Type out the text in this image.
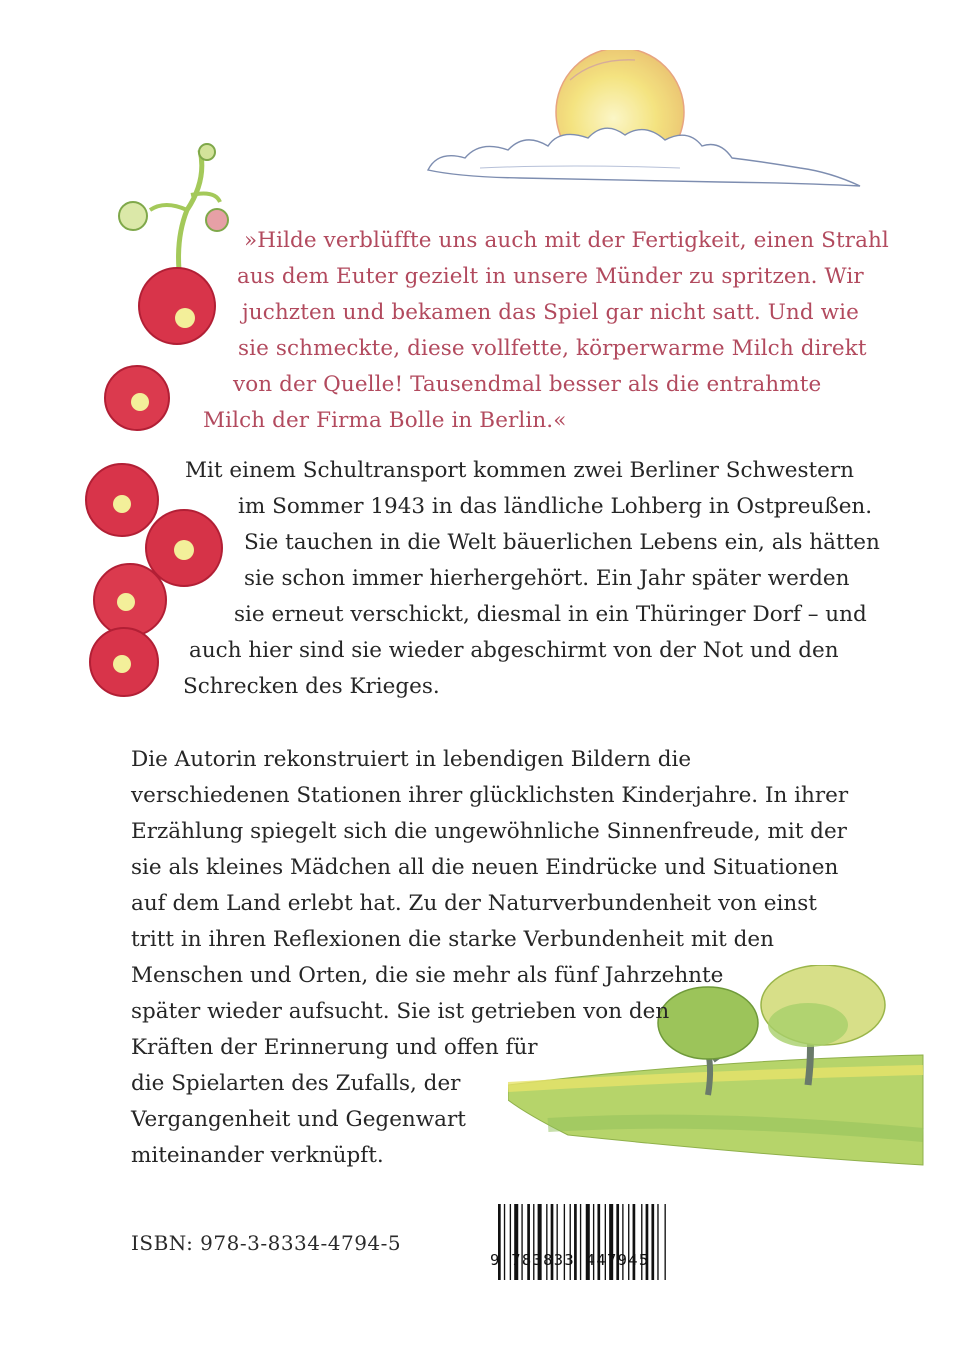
»Hilde verblüffte uns auch mit der Fertigkeit, einen Strahl
aus dem Euter gezielt in unsere Münder zu spritzen. Wir
juchzten und bekamen das Spiel gar nicht satt. Und wie
sie schmeckte, diese vollfette, körperwarme Milch direkt
von der Quelle! Tausendmal besser als die entrahmte
Milch der Firma Bolle in Berlin.«
Mit einem Schultransport kommen zwei Berliner Schwestern
im Sommer 1943 in das ländliche Lohberg in Ostpreußen.
Sie tauchen in die Welt bäuerlichen Lebens ein, als hätten
sie schon immer hierhergehört. Ein Jahr später werden
sie erneut verschickt, diesmal in ein Thüringer Dorf – und
auch hier sind sie wieder abgeschirmt von der Not und den
Schrecken des Krieges.
Die Autorin rekonstruiert in lebendigen Bildern die
verschiedenen Stationen ihrer glücklichsten Kinderjahre. In ihrer
Erzählung spiegelt sich die ungewöhnliche Sinnenfreude, mit der
sie als kleines Mädchen all die neuen Eindrücke und Situationen
auf dem Land erlebt hat. Zu der Naturverbundenheit von einst
tritt in ihren Reflexionen die starke Verbundenheit mit den
Menschen und Orten, die sie mehr als fünf Jahrzehnte
später wieder aufsucht. Sie ist getrieben von den
Kräften der Erinnerung und offen für
die Spielarten des Zufalls, der
Vergangenheit und Gegenwart
miteinander verknüpft.
ISBN: 978-3-8334-4794-5
9 783833 447945
